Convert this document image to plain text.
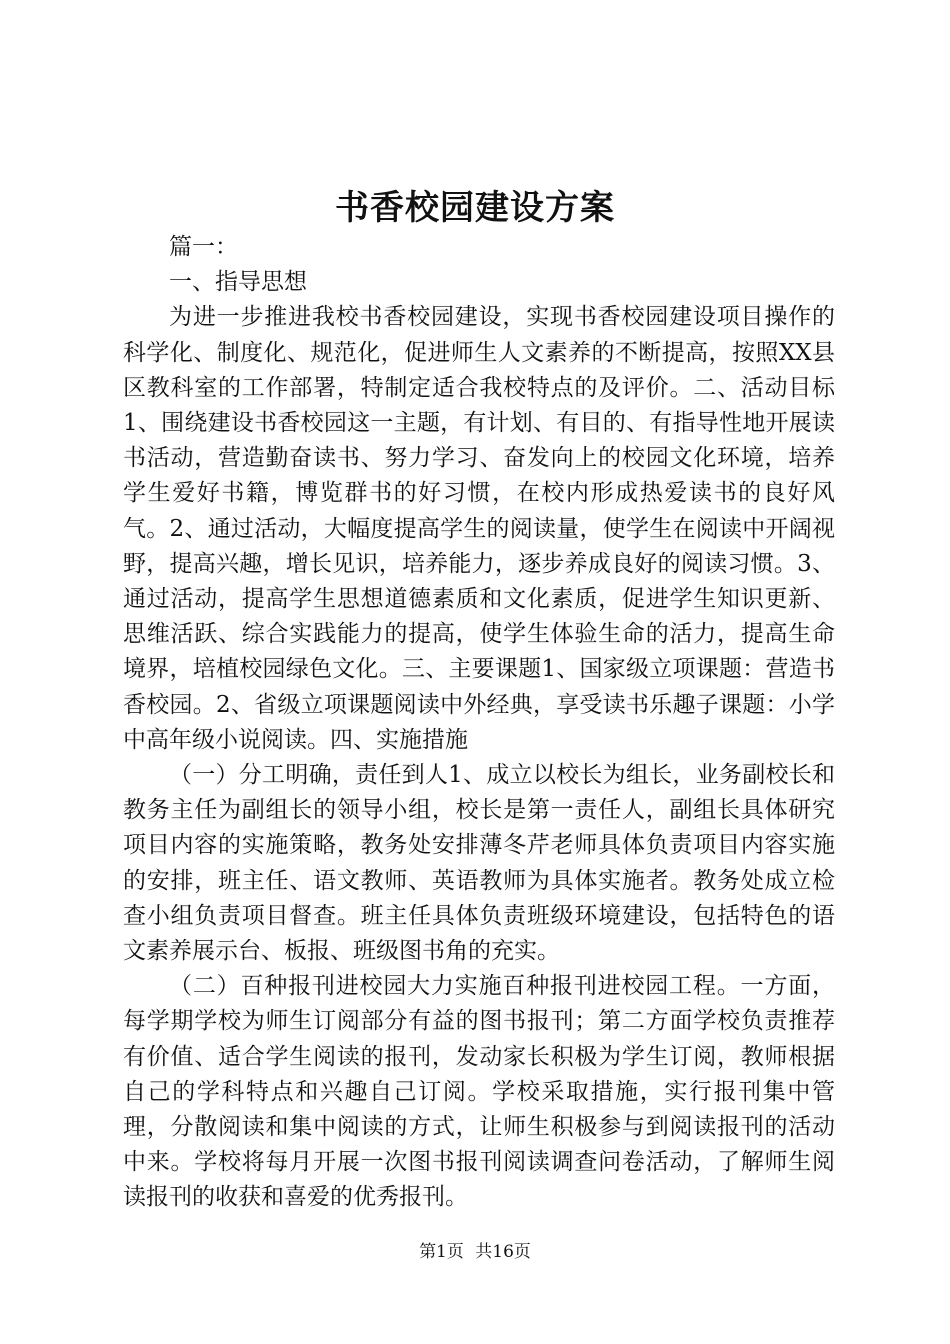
书香校园建设方案

篇一：

一、指导思想

为进一步推进我校书香校园建设，实现书香校园建设项目操作的科学化、制度化、规范化，促进师生人文素养的不断提高，按照XX县区教科室的工作部署，特制定适合我校特点的及评价。二、活动目标1、围绕建设书香校园这一主题，有计划、有目的、有指导性地开展读书活动，营造勤奋读书、努力学习、奋发向上的校园文化环境，培养学生爱好书籍，博览群书的好习惯，在校内形成热爱读书的良好风气。2、通过活动，大幅度提高学生的阅读量，使学生在阅读中开阔视野，提高兴趣，增长见识，培养能力，逐步养成良好的阅读习惯。3、通过活动，提高学生思想道德素质和文化素质，促进学生知识更新、思维活跃、综合实践能力的提高，使学生体验生命的活力，提高生命境界，培植校园绿色文化。三、主要课题1、国家级立项课题：营造书香校园。2、省级立项课题阅读中外经典，享受读书乐趣子课题：小学中高年级小说阅读。四、实施措施

（一）分工明确，责任到人1、成立以校长为组长，业务副校长和教务主任为副组长的领导小组，校长是第一责任人，副组长具体研究项目内容的实施策略，教务处安排薄冬芹老师具体负责项目内容实施的安排，班主任、语文教师、英语教师为具体实施者。教务处成立检查小组负责项目督查。班主任具体负责班级环境建设，包括特色的语文素养展示台、板报、班级图书角的充实。

（二）百种报刊进校园大力实施百种报刊进校园工程。一方面，每学期学校为师生订阅部分有益的图书报刊；第二方面学校负责推荐有价值、适合学生阅读的报刊，发动家长积极为学生订阅，教师根据自己的学科特点和兴趣自己订阅。学校采取措施，实行报刊集中管理，分散阅读和集中阅读的方式，让师生积极参与到阅读报刊的活动中来。学校将每月开展一次图书报刊阅读调查问卷活动，了解师生阅读报刊的收获和喜爱的优秀报刊。

第1页 共16页
